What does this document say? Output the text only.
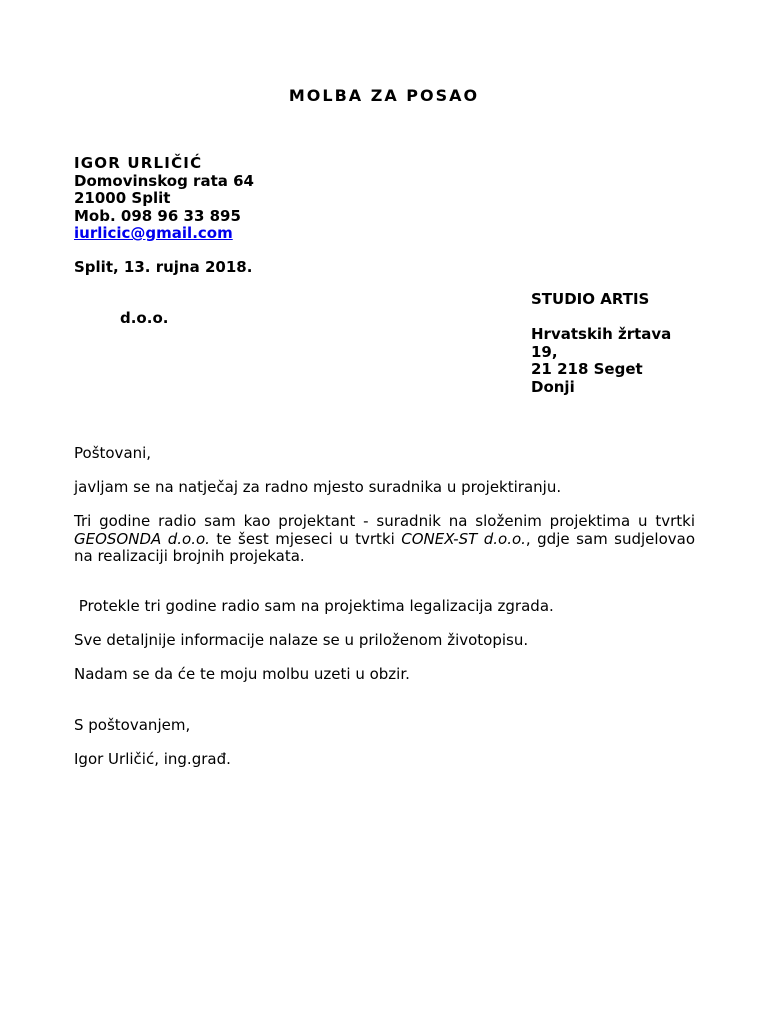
MOLBA ZA POSAO
IGOR URLIČIĆ
Domovinskog rata 64
21000 Split
Mob. 098 96 33 895
iurlicic@gmail.com
Split, 13. rujna 2018.
STUDIO ARTIS
Hrvatskih žrtava
19,
21 218 Seget
Donji
d.o.o.
Poštovani,
javljam se na natječaj za radno mjesto suradnika u projektiranju.
Tri godine radio sam kao projektant - suradnik na složenim projektima u tvrtki GEOSONDA d.o.o. te šest mjeseci u tvrtki CONEX-ST d.o.o., gdje sam sudjelovao na realizaciji brojnih projekata.
Protekle tri godine radio sam na projektima legalizacija zgrada.
Sve detaljnije informacije nalaze se u priloženom životopisu.
Nadam se da će te moju molbu uzeti u obzir.
S poštovanjem,
Igor Urličić, ing.građ.
